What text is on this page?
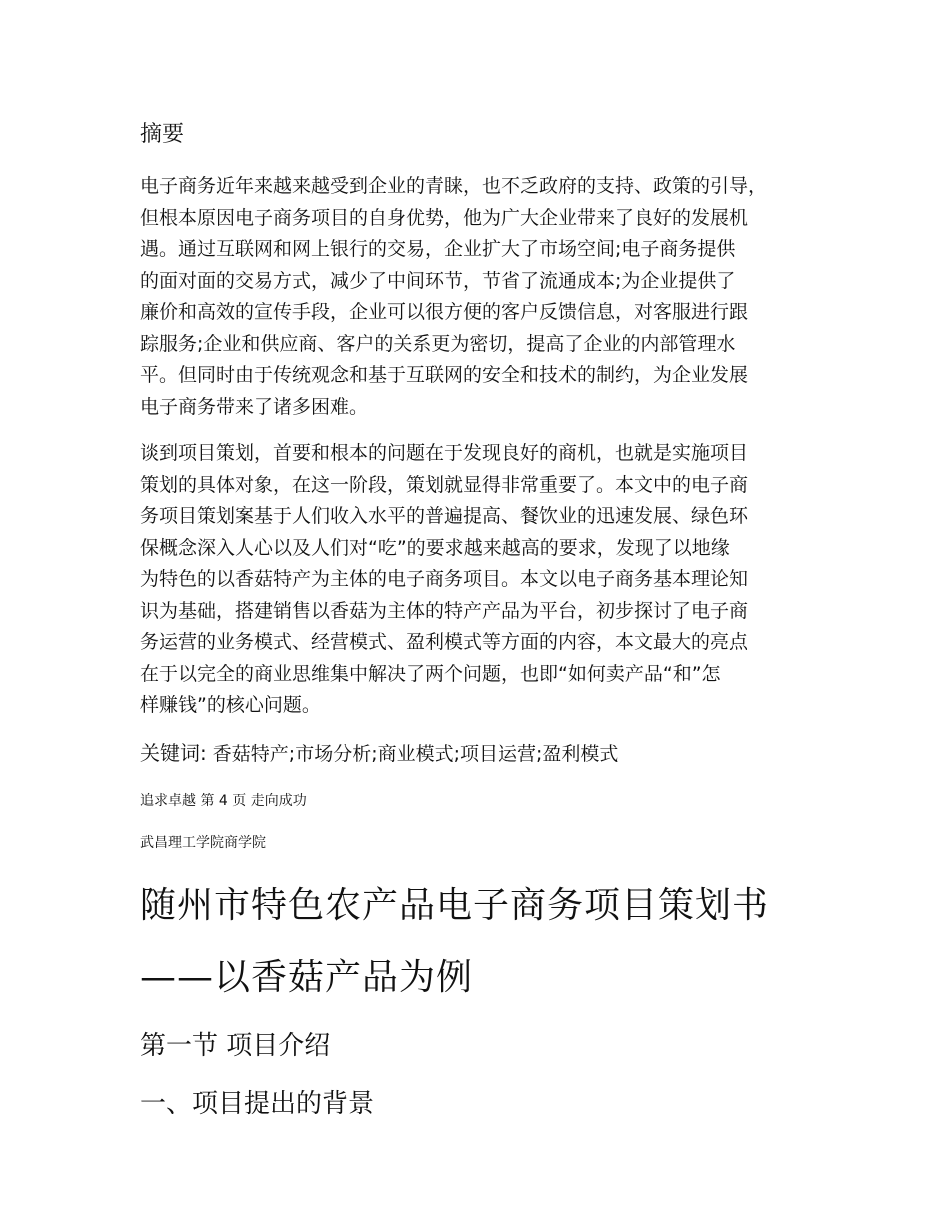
摘要
电子商务近年来越来越受到企业的青睐，也不乏政府的支持、政策的引导，
但根本原因电子商务项目的自身优势，他为广大企业带来了良好的发展机
遇。通过互联网和网上银行的交易，企业扩大了市场空间;电子商务提供
的面对面的交易方式，减少了中间环节，节省了流通成本;为企业提供了
廉价和高效的宣传手段，企业可以很方便的客户反馈信息，对客服进行跟
踪服务;企业和供应商、客户的关系更为密切，提高了企业的内部管理水
平。但同时由于传统观念和基于互联网的安全和技术的制约，为企业发展
电子商务带来了诸多困难。
谈到项目策划，首要和根本的问题在于发现良好的商机，也就是实施项目
策划的具体对象，在这一阶段，策划就显得非常重要了。本文中的电子商
务项目策划案基于人们收入水平的普遍提高、餐饮业的迅速发展、绿色环
保概念深入人心以及人们对“吃”的要求越来越高的要求，发现了以地缘
为特色的以香菇特产为主体的电子商务项目。本文以电子商务基本理论知
识为基础，搭建销售以香菇为主体的特产产品为平台，初步探讨了电子商
务运营的业务模式、经营模式、盈利模式等方面的内容，本文最大的亮点
在于以完全的商业思维集中解决了两个问题，也即“如何卖产品“和”怎
样赚钱”的核心问题。
关键词: 香菇特产;市场分析;商业模式;项目运营;盈利模式
追求卓越 第 4 页 走向成功
武昌理工学院商学院
随州市特色农产品电子商务项目策划书
——以香菇产品为例
第一节 项目介绍
一、项目提出的背景
